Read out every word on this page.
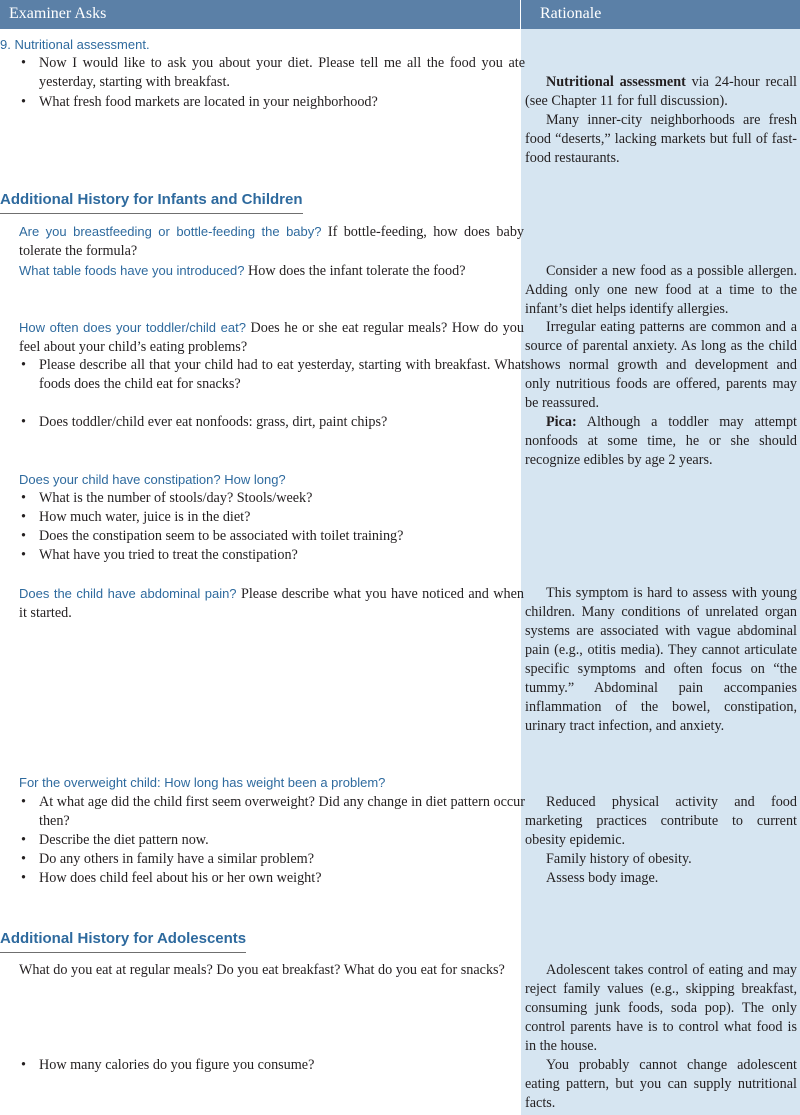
Examiner Asks	Rationale
9. Nutritional assessment.
• Now I would like to ask you about your diet. Please tell me all the food you ate yesterday, starting with breakfast.
• What fresh food markets are located in your neighborhood?
Nutritional assessment via 24-hour recall (see Chapter 11 for full discussion).
Many inner-city neighborhoods are fresh food “deserts,” lacking markets but full of fast-food restaurants.
Additional History for Infants and Children
Are you breastfeeding or bottle-feeding the baby? If bottle-feeding, how does baby tolerate the formula?
What table foods have you introduced? How does the infant tolerate the food?	Consider a new food as a possible allergen. Adding only one new food at a time to the infant’s diet helps identify allergies.
How often does your toddler/child eat? Does he or she eat regular meals? How do you feel about your child’s eating problems?
• Please describe all that your child had to eat yesterday, starting with breakfast. What foods does the child eat for snacks?
• Does toddler/child ever eat nonfoods: grass, dirt, paint chips?
Irregular eating patterns are common and a source of parental anxiety. As long as the child shows normal growth and development and only nutritious foods are offered, parents may be reassured.
Pica: Although a toddler may attempt nonfoods at some time, he or she should recognize edibles by age 2 years.
Does your child have constipation? How long?
• What is the number of stools/day? Stools/week?
• How much water, juice is in the diet?
• Does the constipation seem to be associated with toilet training?
• What have you tried to treat the constipation?
Does the child have abdominal pain? Please describe what you have noticed and when it started.
This symptom is hard to assess with young children. Many conditions of unrelated organ systems are associated with vague abdominal pain (e.g., otitis media). They cannot articulate specific symptoms and often focus on “the tummy.” Abdominal pain accompanies inflammation of the bowel, constipation, urinary tract infection, and anxiety.
For the overweight child: How long has weight been a problem?
• At what age did the child first seem overweight? Did any change in diet pattern occur then?
• Describe the diet pattern now.
• Do any others in family have a similar problem?
• How does child feel about his or her own weight?
Reduced physical activity and food marketing practices contribute to current obesity epidemic.
Family history of obesity.
Assess body image.
Additional History for Adolescents
What do you eat at regular meals? Do you eat breakfast? What do you eat for snacks?
• How many calories do you figure you consume?
Adolescent takes control of eating and may reject family values (e.g., skipping breakfast, consuming junk foods, soda pop). The only control parents have is to control what food is in the house.
You probably cannot change adolescent eating pattern, but you can supply nutritional facts.
